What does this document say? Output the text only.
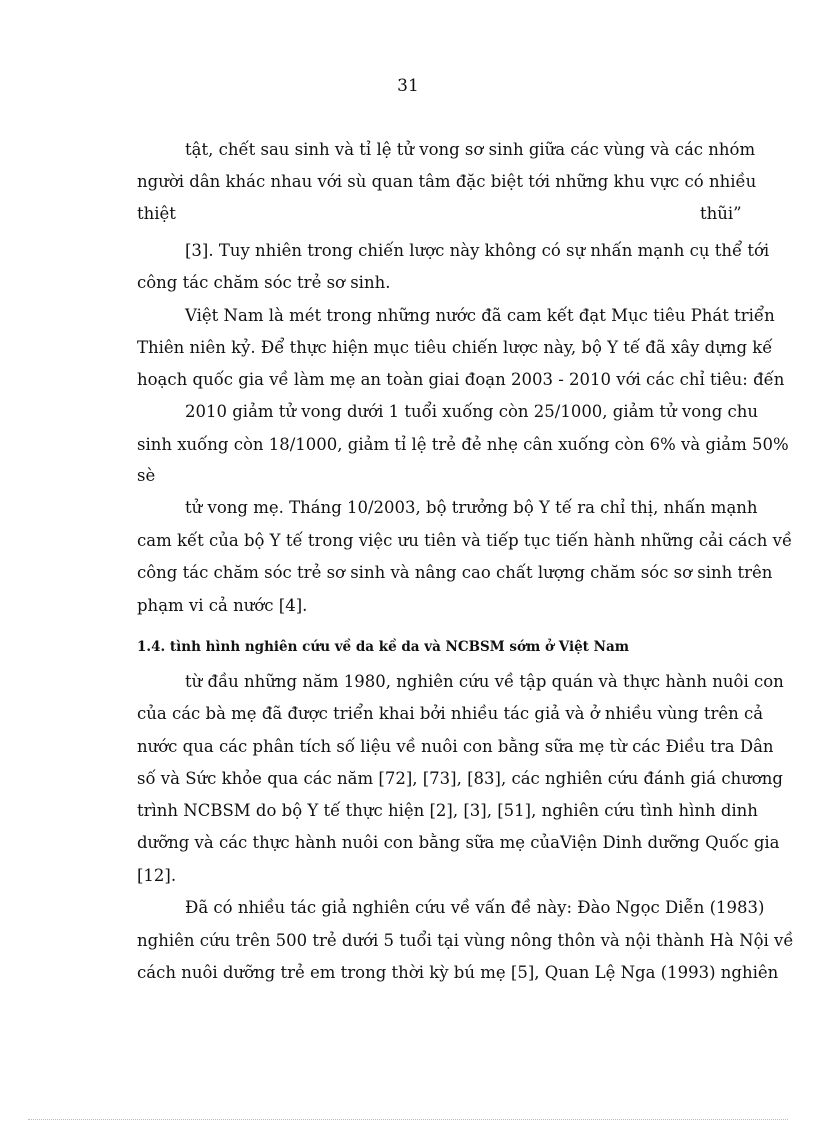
31
tật, chết sau sinh và tỉ lệ tử vong sơ sinh giữa các vùng và các nhóm
người dân khác nhau với sù quan tâm đặc biệt tới những khu vực có nhiều
thiệt	thũi”
[3]. Tuy nhiên trong chiến lược này không có sự nhấn mạnh cụ thể tới
công tác chăm sóc trẻ sơ sinh.
Việt Nam là mét trong những nước đã cam kết đạt Mục tiêu Phát triển
Thiên niên kỷ. Để thực hiện mục tiêu chiến lược này, bộ Y tế đã xây dựng kế
hoạch quốc gia về làm mẹ an toàn giai đoạn 2003 - 2010 với các chỉ tiêu: đến
2010 giảm tử vong dưới 1 tuổi xuống còn 25/1000, giảm tử vong chu
sinh xuống còn 18/1000, giảm tỉ lệ trẻ đẻ nhẹ cân xuống còn 6% và giảm 50%
sè
tử vong mẹ. Tháng 10/2003, bộ trưởng bộ Y tế ra chỉ thị, nhấn mạnh
cam kết của bộ Y tế trong việc ưu tiên và tiếp tục tiến hành những cải cách về
công tác chăm sóc trẻ sơ sinh và nâng cao chất lượng chăm sóc sơ sinh trên
phạm vi cả nước [4].
1.4. tình hình nghiên cứu về da kề da và NCBSM sớm ở Việt Nam
từ đầu những năm 1980, nghiên cứu về tập quán và thực hành nuôi con
của các bà mẹ đã được triển khai bởi nhiều tác giả và ở nhiều vùng trên cả
nước qua các phân tích số liệu về nuôi con bằng sữa mẹ từ các Điều tra Dân
số và Sức khỏe qua các năm [72], [73], [83], các nghiên cứu đánh giá chương
trình NCBSM do bộ Y tế thực hiện [2], [3], [51], nghiên cứu tình hình dinh
dưỡng và các thực hành nuôi con bằng sữa mẹ củaViện Dinh dưỡng Quốc gia
[12].
Đã có nhiều tác giả nghiên cứu về vấn đề này: Đào Ngọc Diễn (1983)
nghiên cứu trên 500 trẻ dưới 5 tuổi tại vùng nông thôn và nội thành Hà Nội về
cách nuôi dưỡng trẻ em trong thời kỳ bú mẹ [5], Quan Lệ Nga (1993) nghiên
